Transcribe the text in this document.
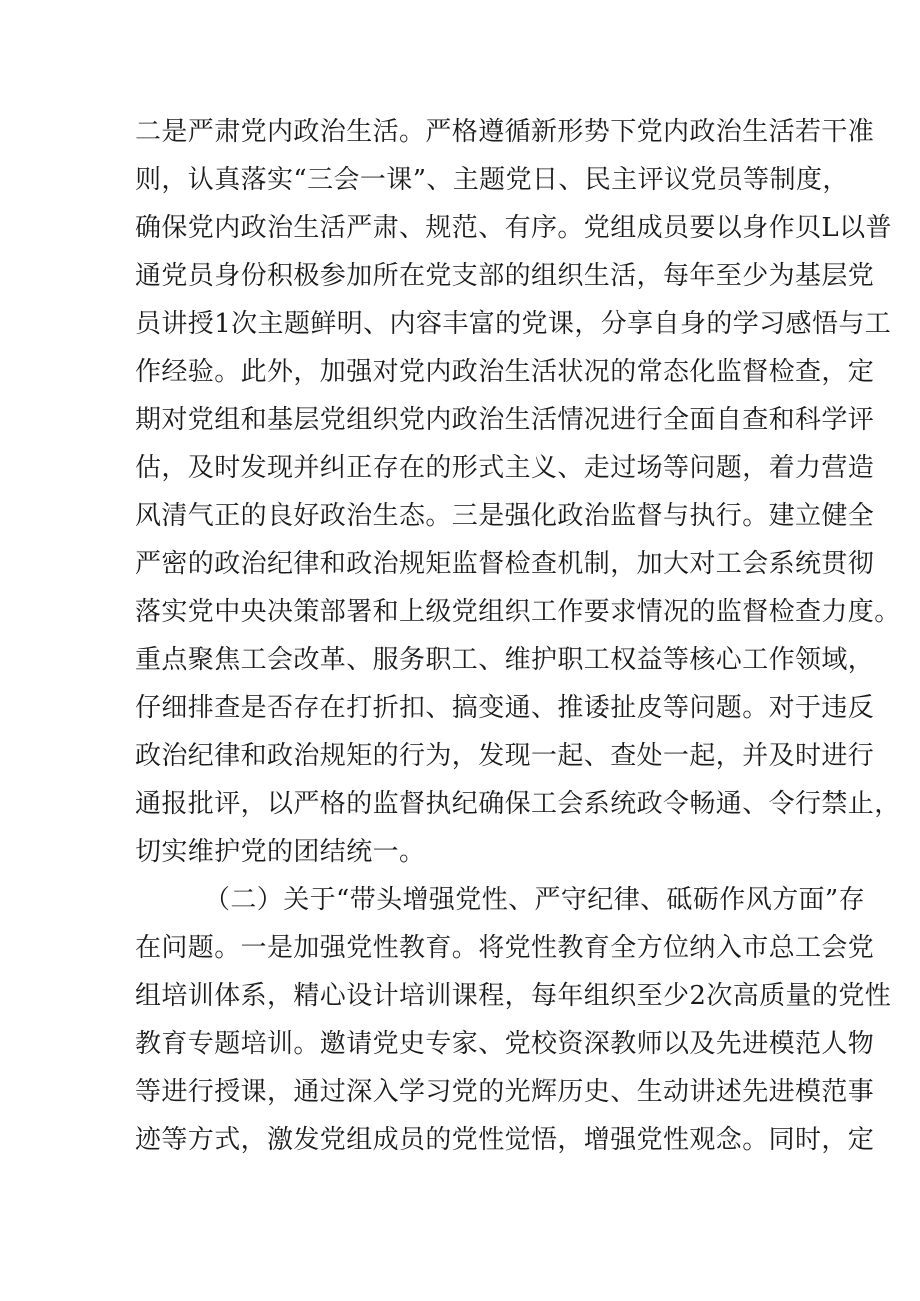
二是严肃党内政治生活。严格遵循新形势下党内政治生活若干准

则，认真落实“三会一课”、主题党日、民主评议党员等制度，

确保党内政治生活严肃、规范、有序。党组成员要以身作贝L以普

通党员身份积极参加所在党支部的组织生活，每年至少为基层党

员讲授1次主题鲜明、内容丰富的党课，分享自身的学习感悟与工

作经验。此外，加强对党内政治生活状况的常态化监督检查，定

期对党组和基层党组织党内政治生活情况进行全面自查和科学评

估，及时发现并纠正存在的形式主义、走过场等问题，着力营造

风清气正的良好政治生态。三是强化政治监督与执行。建立健全

严密的政治纪律和政治规矩监督检查机制，加大对工会系统贯彻

落实党中央决策部署和上级党组织工作要求情况的监督检查力度。

重点聚焦工会改革、服务职工、维护职工权益等核心工作领域，

仔细排查是否存在打折扣、搞变通、推诿扯皮等问题。对于违反

政治纪律和政治规矩的行为，发现一起、查处一起，并及时进行

通报批评，以严格的监督执纪确保工会系统政令畅通、令行禁止，

切实维护党的团结统一。

（二）关于“带头增强党性、严守纪律、砥砺作风方面”存

在问题。一是加强党性教育。将党性教育全方位纳入市总工会党

组培训体系，精心设计培训课程，每年组织至少2次高质量的党性

教育专题培训。邀请党史专家、党校资深教师以及先进模范人物

等进行授课，通过深入学习党的光辉历史、生动讲述先进模范事

迹等方式，激发党组成员的党性觉悟，增强党性观念。同时，定
